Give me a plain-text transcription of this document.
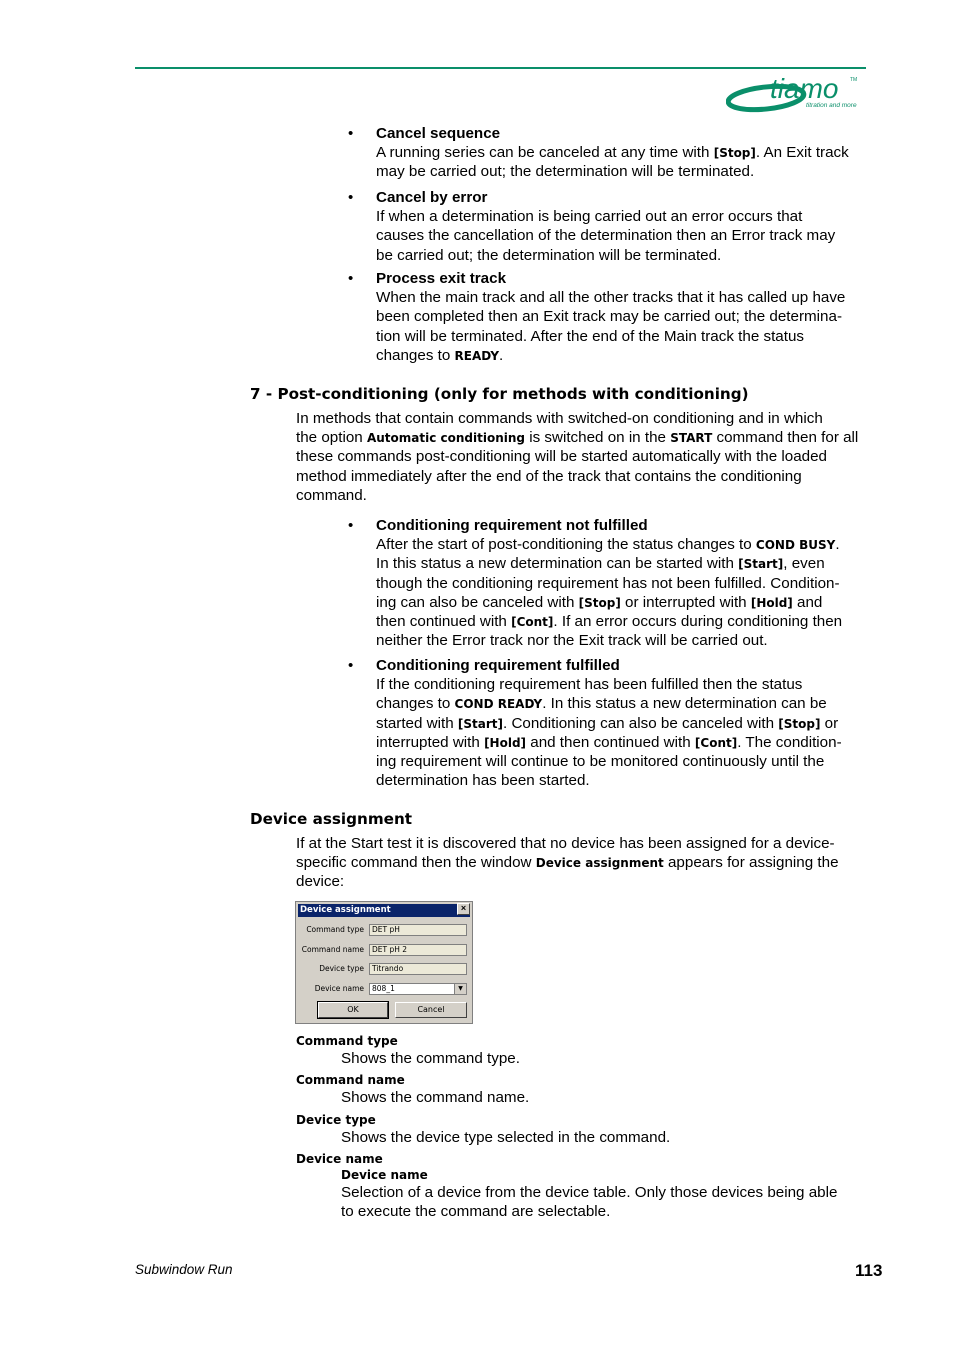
tiamo TM
titration and more
• Cancel sequence
A running series can be canceled at any time with [Stop]. An Exit track
may be carried out; the determination will be terminated.
• Cancel by error
If when a determination is being carried out an error occurs that
causes the cancellation of the determination then an Error track may
be carried out; the determination will be terminated.
• Process exit track
When the main track and all the other tracks that it has called up have
been completed then an Exit track may be carried out; the determina-
tion will be terminated. After the end of the Main track the status
changes to READY.
7 - Post-conditioning (only for methods with conditioning)
In methods that contain commands with switched-on conditioning and in which
the option Automatic conditioning is switched on in the START command then for all
these commands post-conditioning will be started automatically with the loaded
method immediately after the end of the track that contains the conditioning
command.
• Conditioning requirement not fulfilled
After the start of post-conditioning the status changes to COND BUSY.
In this status a new determination can be started with [Start], even
though the conditioning requirement has not been fulfilled. Condition-
ing can also be canceled with [Stop] or interrupted with [Hold] and
then continued with [Cont]. If an error occurs during conditioning then
neither the Error track nor the Exit track will be carried out.
• Conditioning requirement fulfilled
If the conditioning requirement has been fulfilled then the status
changes to COND READY. In this status a new determination can be
started with [Start]. Conditioning can also be canceled with [Stop] or
interrupted with [Hold] and then continued with [Cont]. The condition-
ing requirement will continue to be monitored continuously until the
determination has been started.
Device assignment
If at the Start test it is discovered that no device has been assigned for a device-
specific command then the window Device assignment appears for assigning the
device:
Command type
Shows the command type.
Command name
Shows the command name.
Device type
Shows the device type selected in the command.
Device name
Device name
Selection of a device from the device table. Only those devices being able
to execute the command are selectable.
Device assignment	×
Command type	DET pH
Command name	DET pH 2
Device type	Titrando
Device name	808_1	▼
OK	Cancel
Subwindow Run	113
